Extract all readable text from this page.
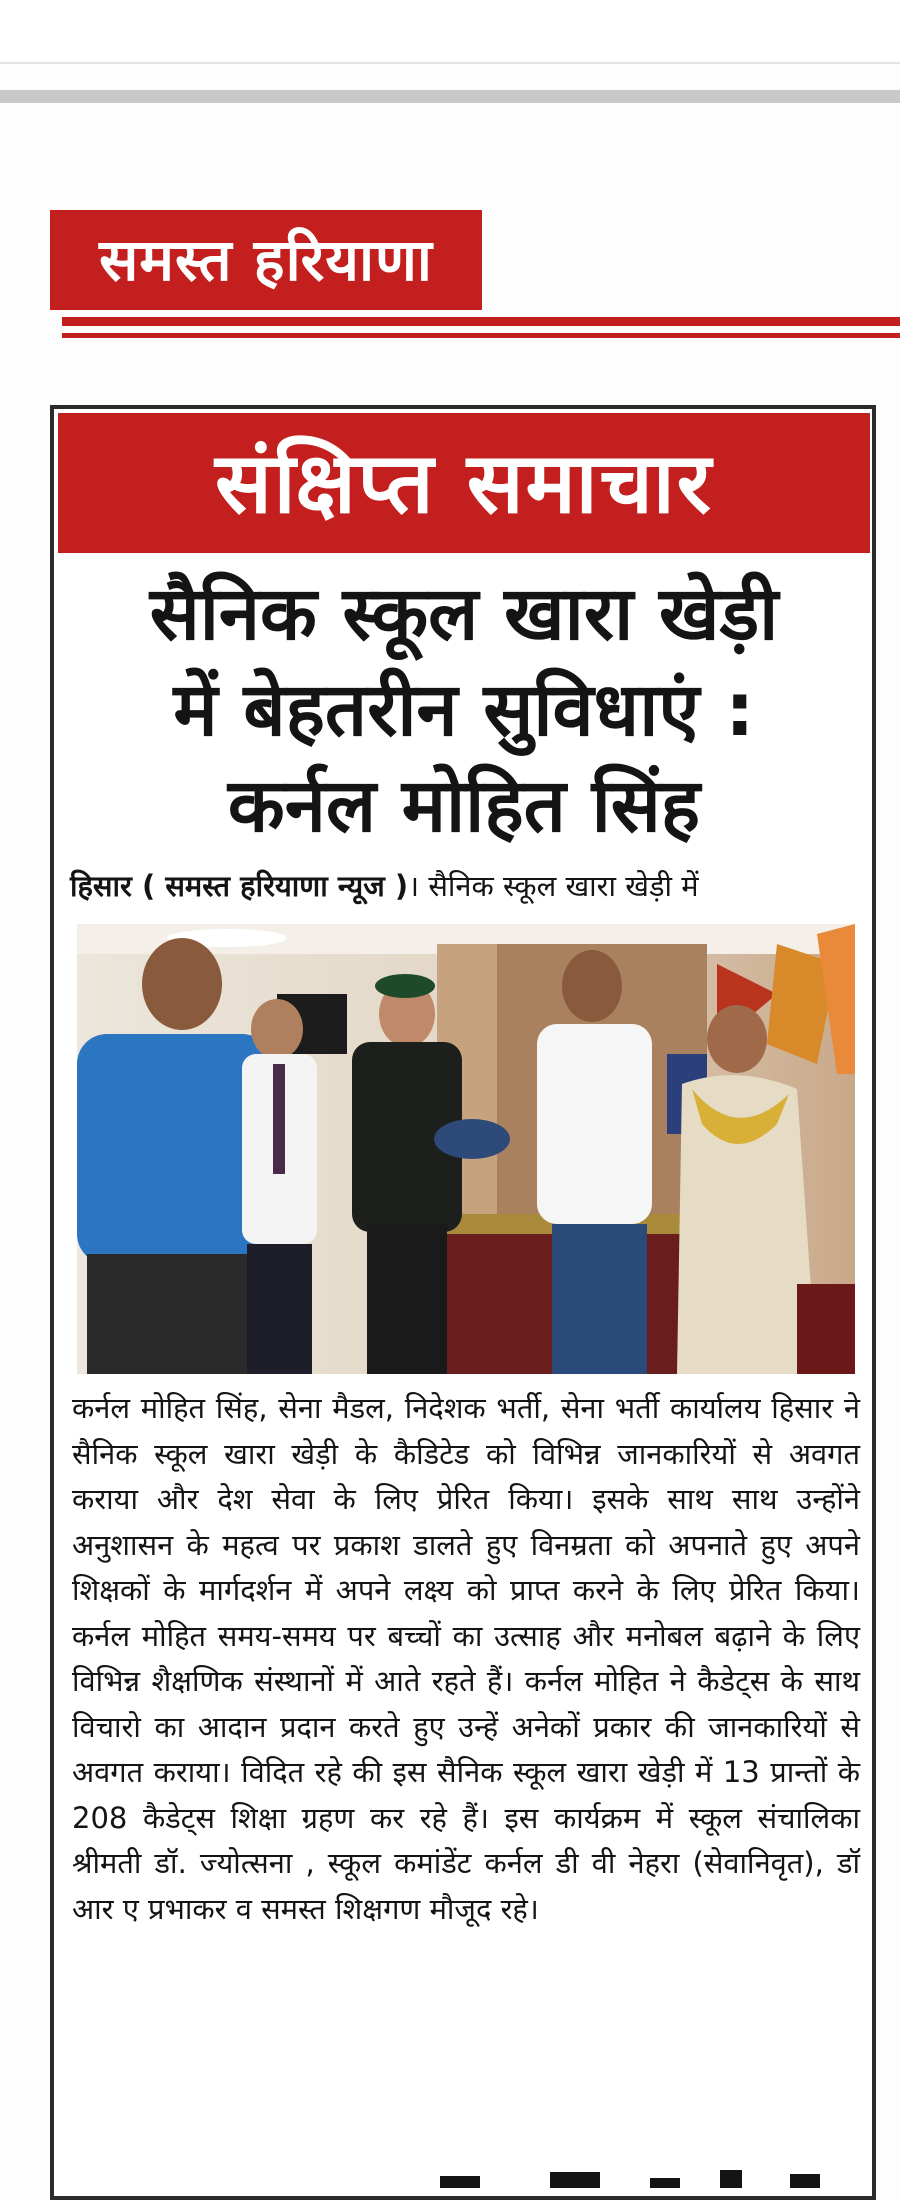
समस्त हरियाणा
संक्षिप्त समाचार
सैनिक स्कूल खारा खेड़ी
में बेहतरीन सुविधाएं :
कर्नल मोहित सिंह
हिसार ( समस्त हरियाणा न्यूज )। सैनिक स्कूल खारा खेड़ी में

कर्नल मोहित सिंह, सेना मैडल, निदेशक भर्ती, सेना भर्ती कार्यालय हिसार ने सैनिक स्कूल खारा खेड़ी के कैडिटेड को विभिन्न जानकारियों से अवगत कराया और देश सेवा के लिए प्रेरित किया। इसके साथ साथ उन्होंने अनुशासन के महत्व पर प्रकाश डालते हुए विनम्रता को अपनाते हुए अपने शिक्षकों के मार्गदर्शन में अपने लक्ष्य को प्राप्त करने के लिए प्रेरित किया। कर्नल मोहित समय-समय पर बच्चों का उत्साह और मनोबल बढ़ाने के लिए विभिन्न शैक्षणिक संस्थानों में आते रहते हैं। कर्नल मोहित ने कैडेट्स के साथ विचारो का आदान प्रदान करते हुए उन्हें अनेकों प्रकार की जानकारियों से अवगत कराया। विदित रहे की इस सैनिक स्कूल खारा खेड़ी में 13 प्रान्तों के 208 कैडेट्स शिक्षा ग्रहण कर रहे हैं। इस कार्यक्रम में स्कूल संचालिका श्रीमती डॉ. ज्योत्सना , स्कूल कमांडेंट कर्नल डी वी नेहरा (सेवानिवृत), डॉ आर ए प्रभाकर व समस्त शिक्षगण मौजूद रहे।
